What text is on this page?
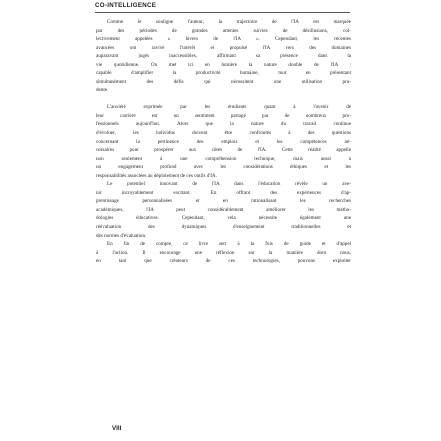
CO-INTELLIGENCE
Comme le souligne l'auteur, la trajectoire de l'IA est marquée
par des périodes de grandes attentes suivies de désillusions, col-
lectivement appelées « hivers de l'IA ». Cependant, les récentes
avancées ont ravivé l'intérêt et propulsé l'IA vers des domaines
auparavant jugés inaccessibles, affirmant sa présence dans la
vie quotidienne. On met ici en lumière la nature double de l'IA :
capable d'amplifier la productivité humaine, tout en présentant
simultanément des défis qui nécessitent une utilisation pru-
dente.
L'anxiété exprimée par les étudiants quant à l'avenir de
leur carrière est un sentiment partagé par de nombreux pro-
fessionnels aujourd'hui. Alors que la nature du travail continue
d'évoluer, les individus doivent être confrontés à des questions
concernant la pertinence des emplois et les compétences né-
cessaires pour prospérer aux côtés de l'IA. Cette réalité appelle
non seulement à une compréhension technique, mais aussi à
un engagement profond avec les considérations éthiques et les
responsabilités associées au déploiement de ces outils d'IA.
Le potentiel innovant de l'IA dans l'éducation révèle un ave-
nir incroyablement excitant. En offrant des expériences d'ap-
prentissage personnalisées et en rationalisant les recherches
académiques, l'IA peut considérablement améliorer les métho-
dologies éducatives. Cependant, cela nécessite également une
réévaluation des dynamiques d'enseignement traditionnelles et
des normes d'évaluation.
En fin de compte, ce livre sert à la fois de guide et d'appel
à l'action. Il encourage une réflexion sur la manière dont nous,
en tant que créateurs de ces technologies, pouvons exploiter
VIII
